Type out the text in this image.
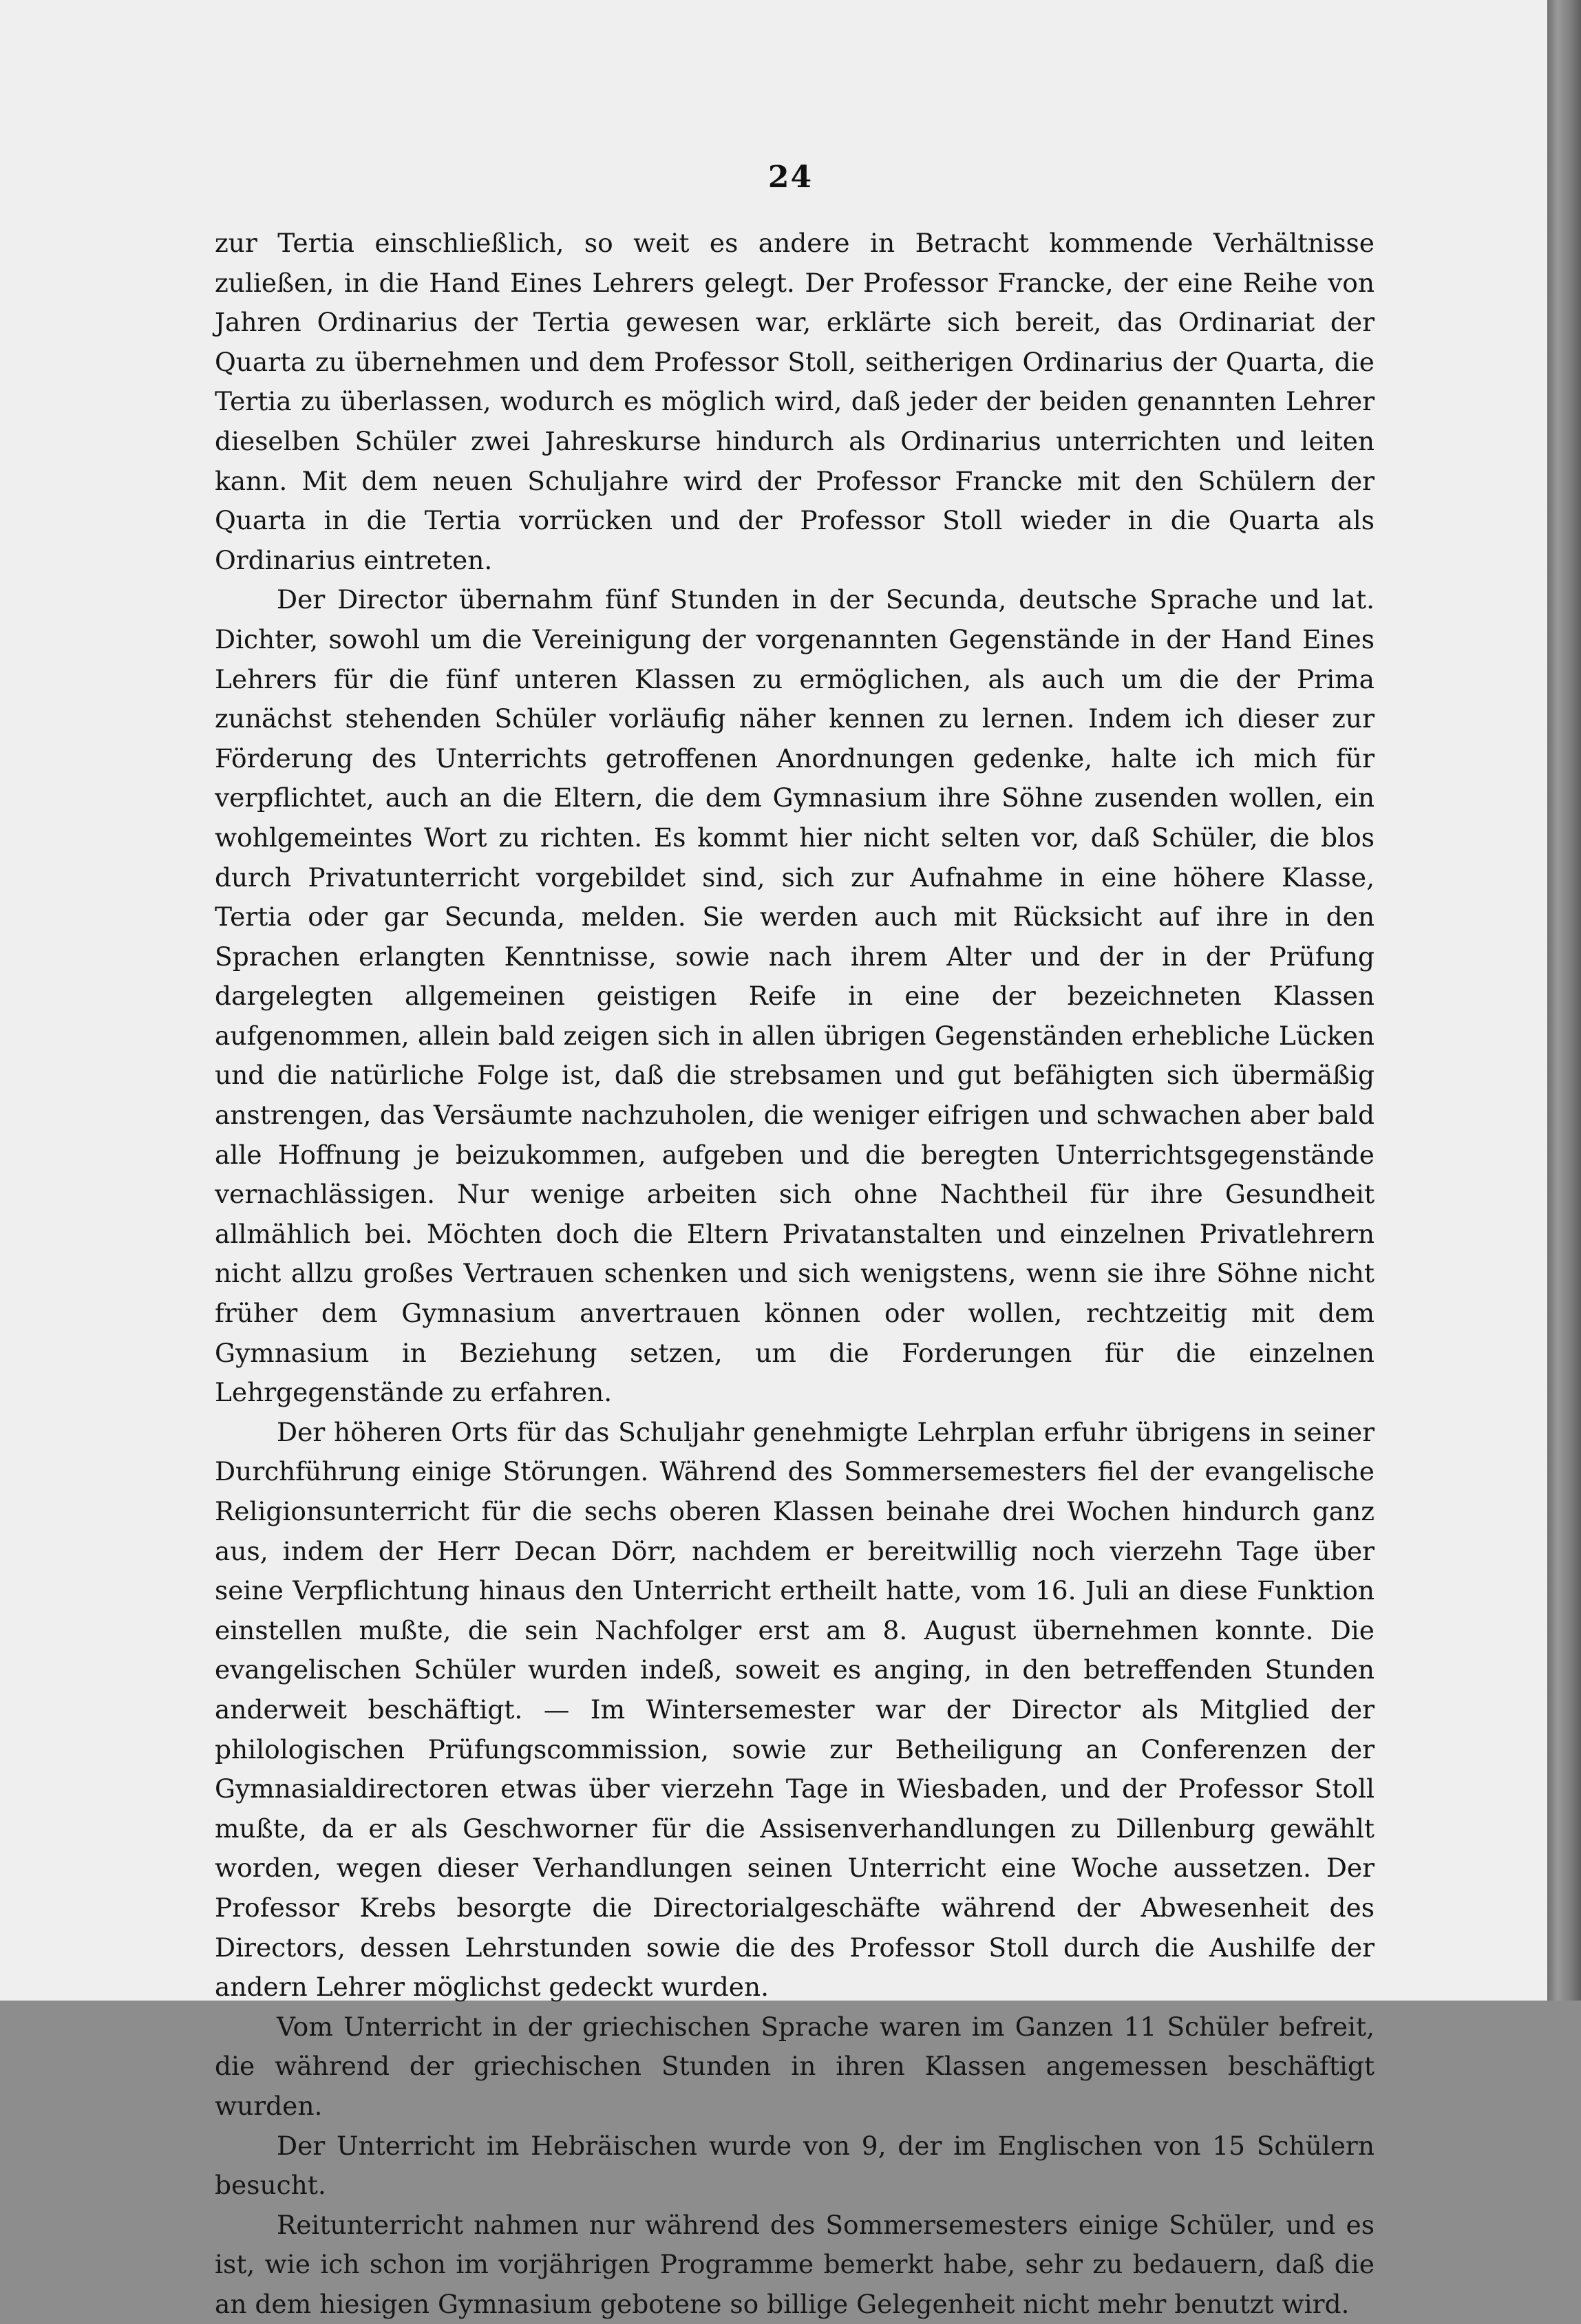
24

zur Tertia einschließlich, so weit es andere in Betracht kommende Verhältnisse zuließen, in die Hand Eines Lehrers gelegt. Der Professor Francke, der eine Reihe von Jahren Ordinarius der Tertia gewesen war, erklärte sich bereit, das Ordinariat der Quarta zu übernehmen und dem Professor Stoll, seitherigen Ordinarius der Quarta, die Tertia zu überlassen, wodurch es möglich wird, daß jeder der beiden genannten Lehrer dieselben Schüler zwei Jahreskurse hindurch als Ordinarius unterrichten und leiten kann. Mit dem neuen Schuljahre wird der Professor Francke mit den Schülern der Quarta in die Tertia vorrücken und der Professor Stoll wieder in die Quarta als Ordinarius eintreten.

Der Director übernahm fünf Stunden in der Secunda, deutsche Sprache und lat. Dichter, sowohl um die Vereinigung der vorgenannten Gegenstände in der Hand Eines Lehrers für die fünf unteren Klassen zu ermöglichen, als auch um die der Prima zunächst stehenden Schüler vorläufig näher kennen zu lernen. Indem ich dieser zur Förderung des Unterrichts getroffenen Anordnungen gedenke, halte ich mich für verpflichtet, auch an die Eltern, die dem Gymnasium ihre Söhne zusenden wollen, ein wohlgemeintes Wort zu richten. Es kommt hier nicht selten vor, daß Schüler, die blos durch Privatunterricht vorgebildet sind, sich zur Aufnahme in eine höhere Klasse, Tertia oder gar Secunda, melden. Sie werden auch mit Rücksicht auf ihre in den Sprachen erlangten Kenntnisse, sowie nach ihrem Alter und der in der Prüfung dargelegten allgemeinen geistigen Reife in eine der bezeichneten Klassen aufgenommen, allein bald zeigen sich in allen übrigen Gegenständen erhebliche Lücken und die natürliche Folge ist, daß die strebsamen und gut befähigten sich übermäßig anstrengen, das Versäumte nachzuholen, die weniger eifrigen und schwachen aber bald alle Hoffnung je beizukommen, aufgeben und die beregten Unterrichtsgegenstände vernachlässigen. Nur wenige arbeiten sich ohne Nachtheil für ihre Gesundheit allmählich bei. Möchten doch die Eltern Privatanstalten und einzelnen Privatlehrern nicht allzu großes Vertrauen schenken und sich wenigstens, wenn sie ihre Söhne nicht früher dem Gymnasium anvertrauen können oder wollen, rechtzeitig mit dem Gymnasium in Beziehung setzen, um die Forderungen für die einzelnen Lehrgegenstände zu erfahren.

Der höheren Orts für das Schuljahr genehmigte Lehrplan erfuhr übrigens in seiner Durchführung einige Störungen. Während des Sommersemesters fiel der evangelische Religionsunterricht für die sechs oberen Klassen beinahe drei Wochen hindurch ganz aus, indem der Herr Decan Dörr, nachdem er bereitwillig noch vierzehn Tage über seine Verpflichtung hinaus den Unterricht ertheilt hatte, vom 16. Juli an diese Funktion einstellen mußte, die sein Nachfolger erst am 8. August übernehmen konnte. Die evangelischen Schüler wurden indeß, soweit es anging, in den betreffenden Stunden anderweit beschäftigt. — Im Wintersemester war der Director als Mitglied der philologischen Prüfungscommission, sowie zur Betheiligung an Conferenzen der Gymnasialdirectoren etwas über vierzehn Tage in Wiesbaden, und der Professor Stoll mußte, da er als Geschworner für die Assisenverhandlungen zu Dillenburg gewählt worden, wegen dieser Verhandlungen seinen Unterricht eine Woche aussetzen. Der Professor Krebs besorgte die Directorialgeschäfte während der Abwesenheit des Directors, dessen Lehrstunden sowie die des Professor Stoll durch die Aushilfe der andern Lehrer möglichst gedeckt wurden.

Vom Unterricht in der griechischen Sprache waren im Ganzen 11 Schüler befreit, die während der griechischen Stunden in ihren Klassen angemessen beschäftigt wurden.

Der Unterricht im Hebräischen wurde von 9, der im Englischen von 15 Schülern besucht.

Reitunterricht nahmen nur während des Sommersemesters einige Schüler, und es ist, wie ich schon im vorjährigen Programme bemerkt habe, sehr zu bedauern, daß die an dem hiesigen Gymnasium gebotene so billige Gelegenheit nicht mehr benutzt wird.
